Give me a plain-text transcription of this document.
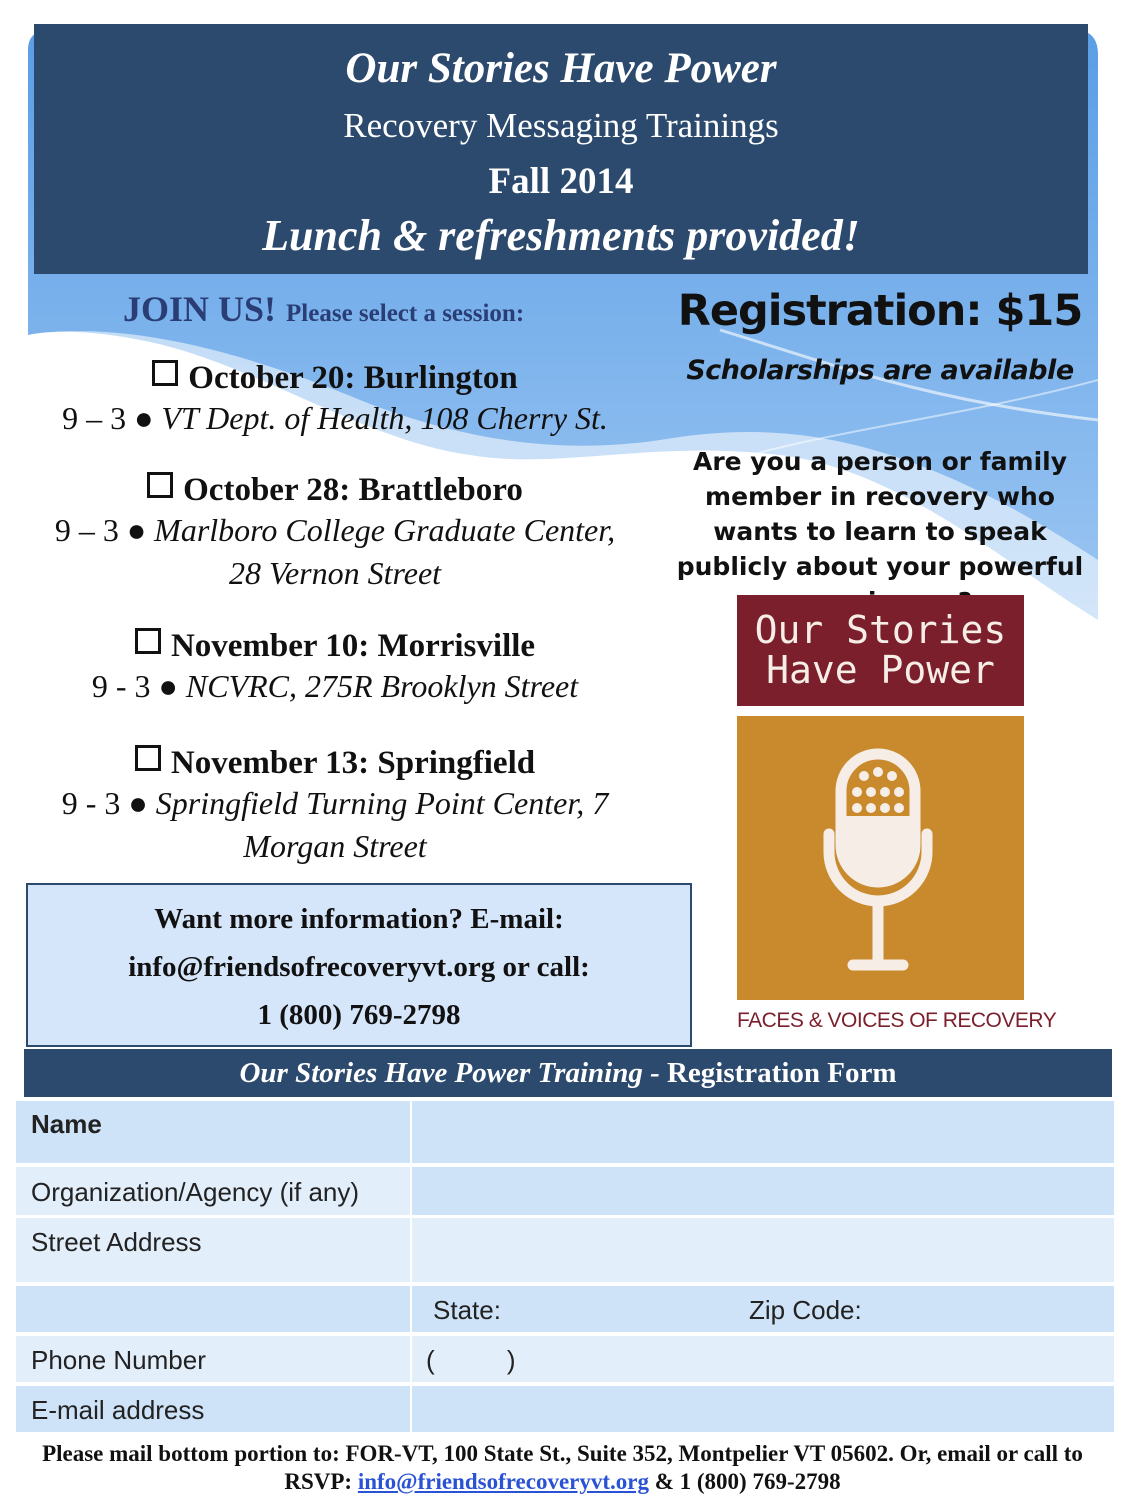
Our Stories Have Power
Recovery Messaging Trainings
Fall 2014
Lunch & refreshments provided!
JOIN US! Please select a session:
October 20: Burlington
9 – 3 ● VT Dept. of Health, 108 Cherry St.
October 28: Brattleboro
9 – 3 ● Marlboro College Graduate Center, 28 Vernon Street
November 10: Morrisville
9 - 3 ● NCVRC, 275R Brooklyn Street
November 13: Springfield
9 - 3 ● Springfield Turning Point Center, 7 Morgan Street
Registration: $15
Scholarships are available
Are you a person or family member in recovery who wants to learn to speak publicly about your powerful
Our Stories
Have Power
FACES & VOICES OF RECOVERY
Want more information? E-mail:
info@friendsofrecoveryvt.org or call:
1 (800) 769-2798
Our Stories Have Power Training - Registration Form
Name
Organization/Agency (if any)
Street Address
State:	Zip Code:
Phone Number	(          )
E-mail address
Please mail bottom portion to: FOR-VT, 100 State St., Suite 352, Montpelier VT 05602. Or, email or call to RSVP: info@friendsofrecoveryvt.org & 1 (800) 769-2798
